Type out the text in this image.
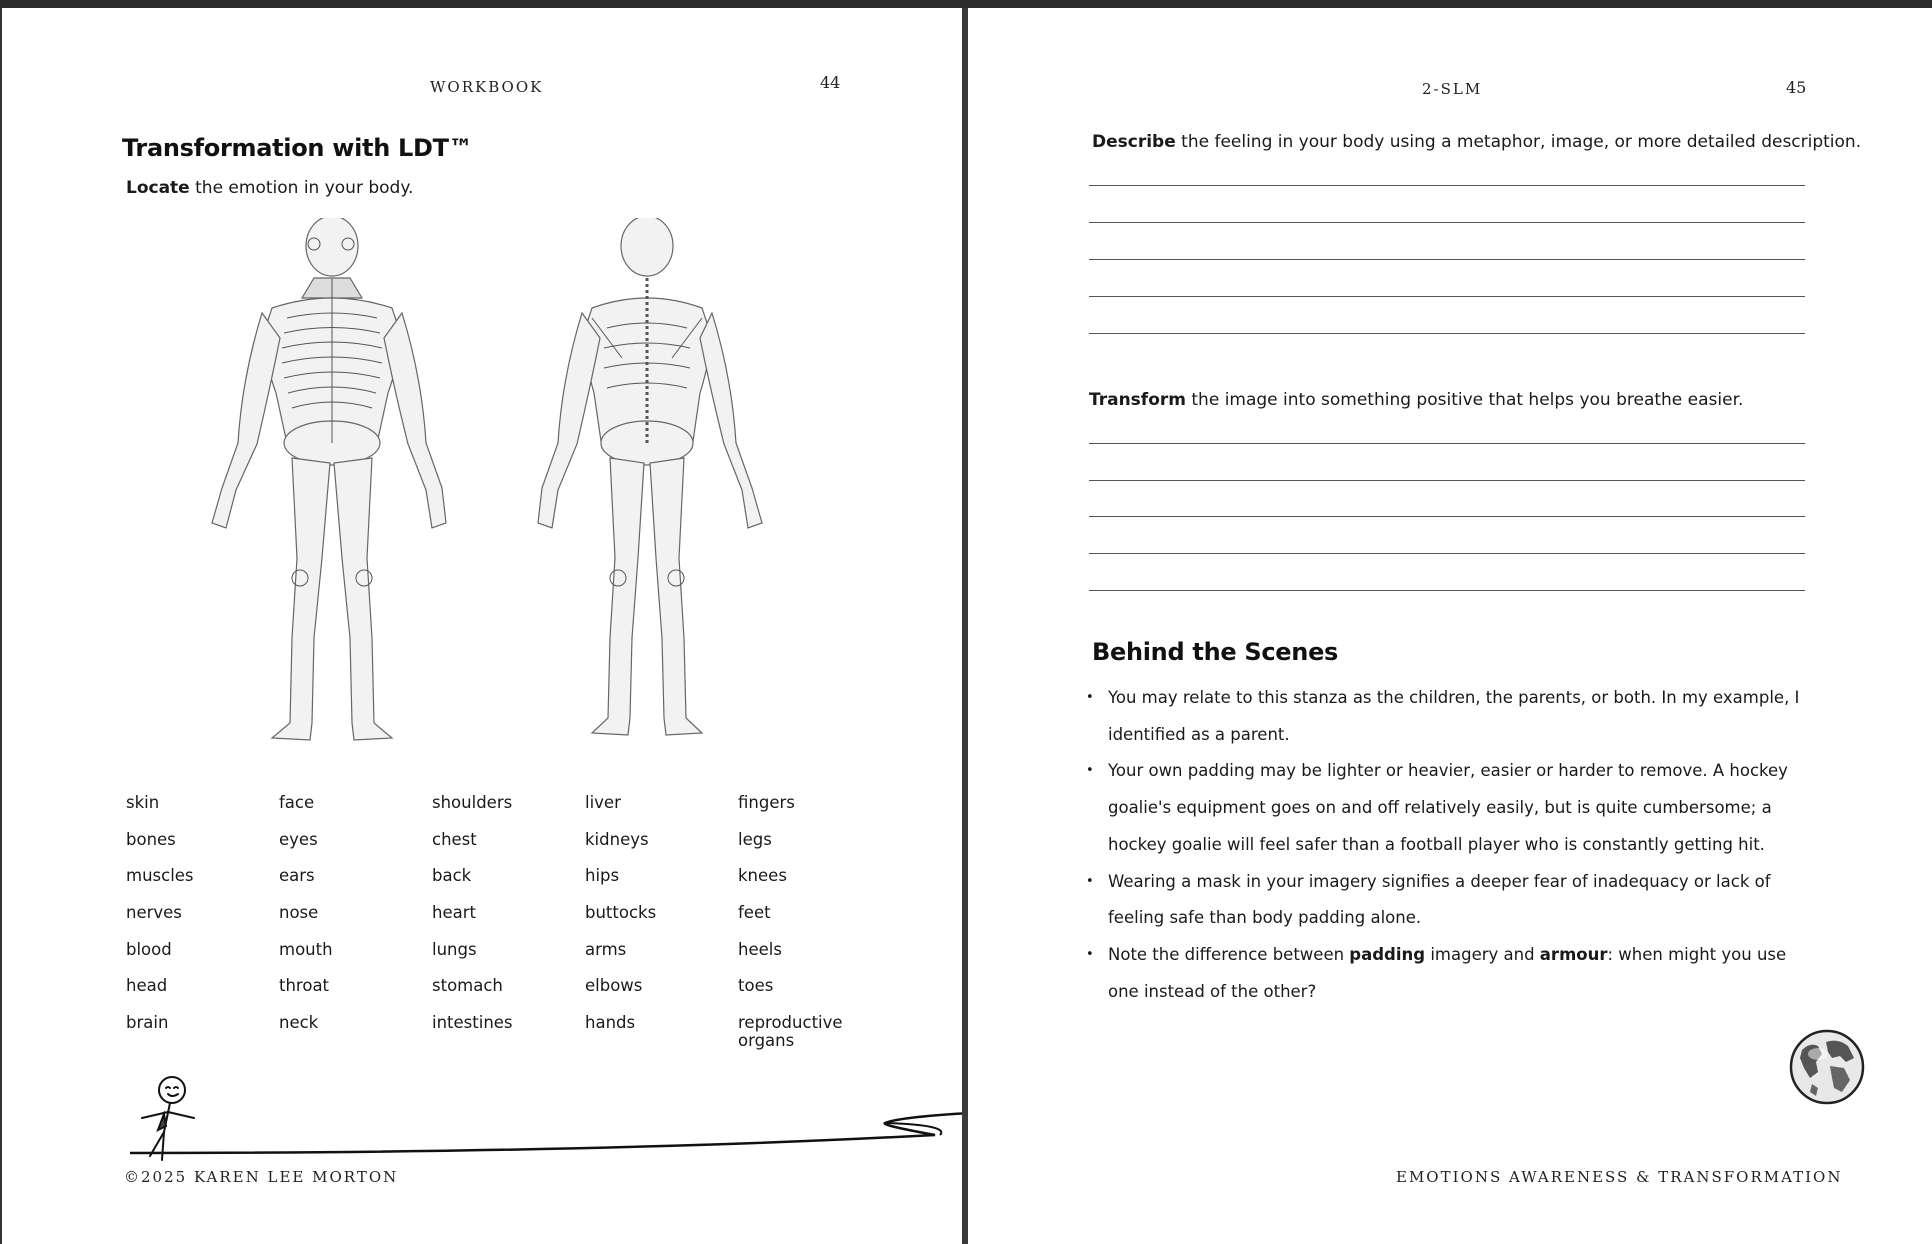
WORKBOOK	44
Transformation with LDT™
Locate the emotion in your body.
skin	face	shoulders	liver	fingers
bones	eyes	chest	kidneys	legs
muscles	ears	back	hips	knees
nerves	nose	heart	buttocks	feet
blood	mouth	lungs	arms	heels
head	throat	stomach	elbows	toes
brain	neck	intestines	hands	reproductive organs
©2025 KAREN LEE MORTON
2-SLM	45
Describe the feeling in your body using a metaphor, image, or more detailed description.
Transform the image into something positive that helps you breathe easier.
Behind the Scenes
• You may relate to this stanza as the children, the parents, or both. In my example, I identified as a parent.
• Your own padding may be lighter or heavier, easier or harder to remove. A hockey goalie's equipment goes on and off relatively easily, but is quite cumbersome; a hockey goalie will feel safer than a football player who is constantly getting hit.
• Wearing a mask in your imagery signifies a deeper fear of inadequacy or lack of feeling safe than body padding alone.
• Note the difference between padding imagery and armour: when might you use one instead of the other?
EMOTIONS AWARENESS & TRANSFORMATION
